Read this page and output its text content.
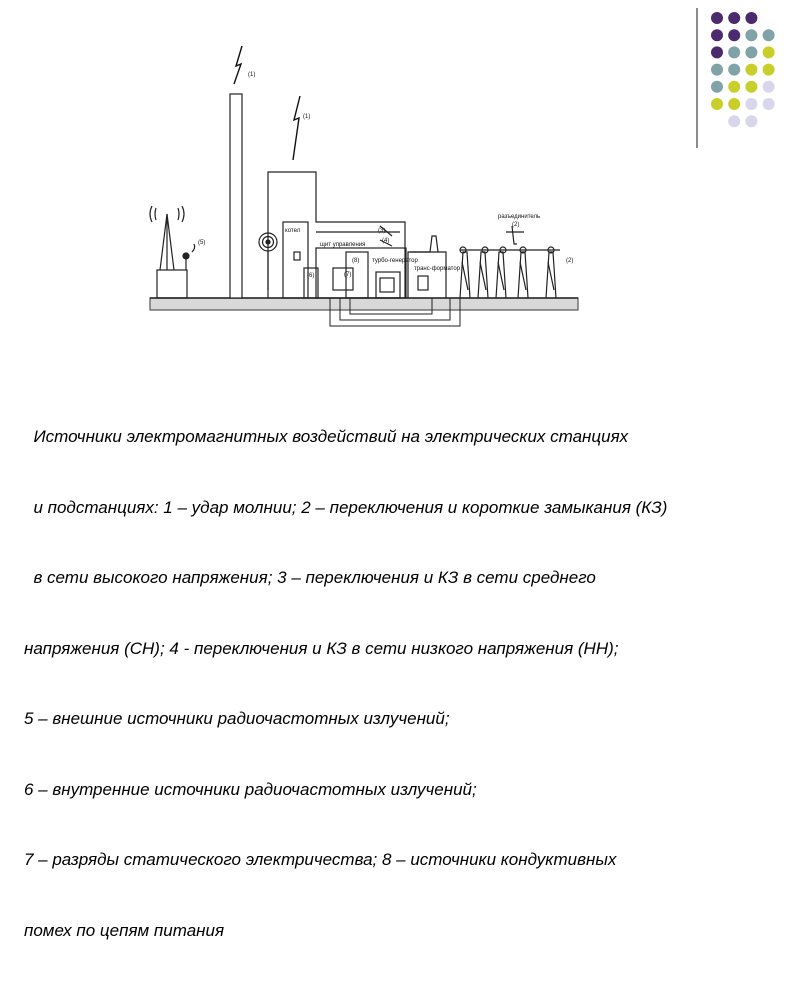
(1)
(1)
(5)
котел
щит управления
(3)
(4)
(6)	(7)
(8) турбо-генератор
транс-форматор
разъединитель
(2)
(2)

Источники электромагнитных воздействий на электрических станциях

и подстанциях: 1 – удар молнии; 2 – переключения и короткие замыкания (КЗ)

в сети высокого напряжения; 3 – переключения и КЗ в сети среднего

напряжения (СН); 4 - переключения и КЗ в сети низкого напряжения (НН);

5 – внешние источники радиочастотных излучений;

6 – внутренние источники радиочастотных излучений;

7 – разряды статического электричества; 8 – источники кондуктивных

помех по цепям питания
